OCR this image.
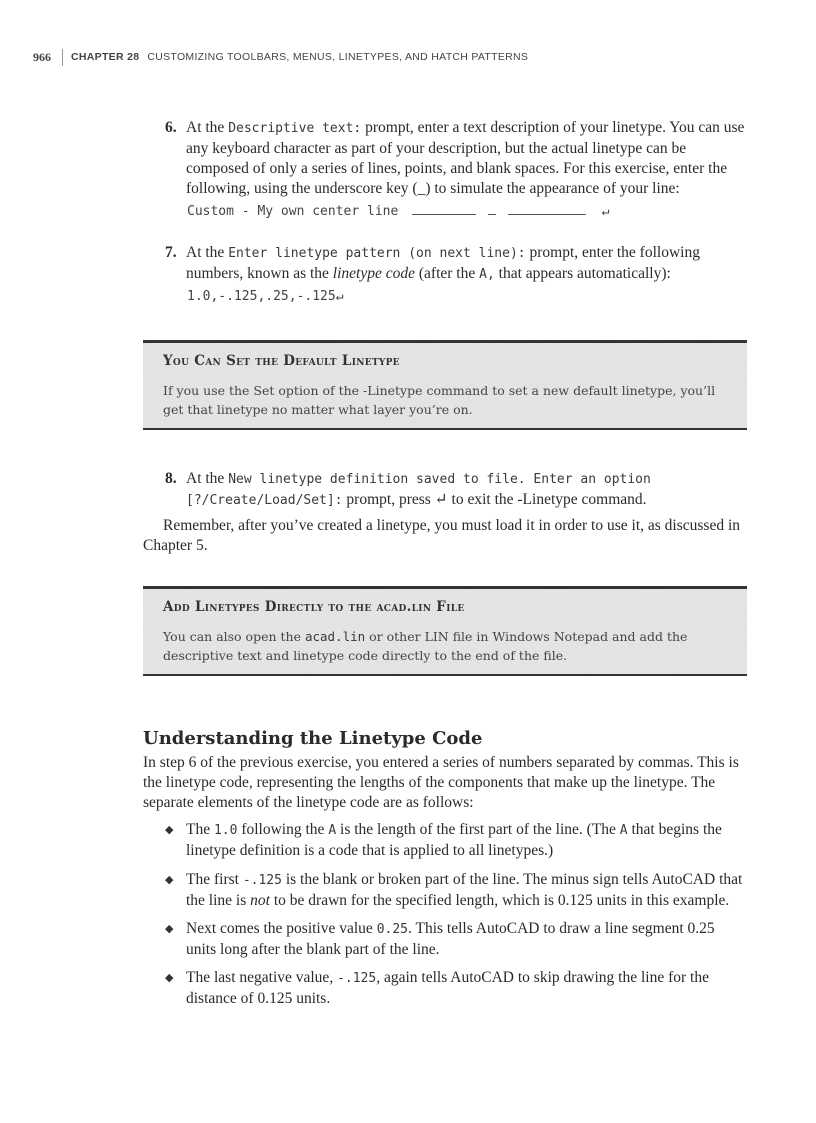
966 CHAPTER 28 CUSTOMIZING TOOLBARS, MENUS, LINETYPES, AND HATCH PATTERNS
6. At the Descriptive text: prompt, enter a text description of your linetype. You can use any keyboard character as part of your description, but the actual linetype can be composed of only a series of lines, points, and blank spaces. For this exercise, enter the following, using the underscore key (_) to simulate the appearance of your line:
Custom - My own center line	↵
7. At the Enter linetype pattern (on next line): prompt, enter the following numbers, known as the linetype code (after the A, that appears automatically):
1.0,-.125,.25,-.125↵
You Can Set the Default Linetype
If you use the Set option of the -Linetype command to set a new default linetype, you’ll get that linetype no matter what layer you’re on.
8. At the New linetype definition saved to file. Enter an option [?/Create/Load/Set]: prompt, press ↵ to exit the -Linetype command.
Remember, after you’ve created a linetype, you must load it in order to use it, as discussed in Chapter 5.
Add Linetypes Directly to the acad.lin File
You can also open the acad.lin or other LIN file in Windows Notepad and add the descriptive text and linetype code directly to the end of the file.
Understanding the Linetype Code
In step 6 of the previous exercise, you entered a series of numbers separated by commas. This is the linetype code, representing the lengths of the components that make up the linetype. The separate elements of the linetype code are as follows:
◆ The 1.0 following the A is the length of the first part of the line. (The A that begins the linetype definition is a code that is applied to all linetypes.)
◆ The first -.125 is the blank or broken part of the line. The minus sign tells AutoCAD that the line is not to be drawn for the specified length, which is 0.125 units in this example.
◆ Next comes the positive value 0.25. This tells AutoCAD to draw a line segment 0.25 units long after the blank part of the line.
◆ The last negative value, -.125, again tells AutoCAD to skip drawing the line for the distance of 0.125 units.
